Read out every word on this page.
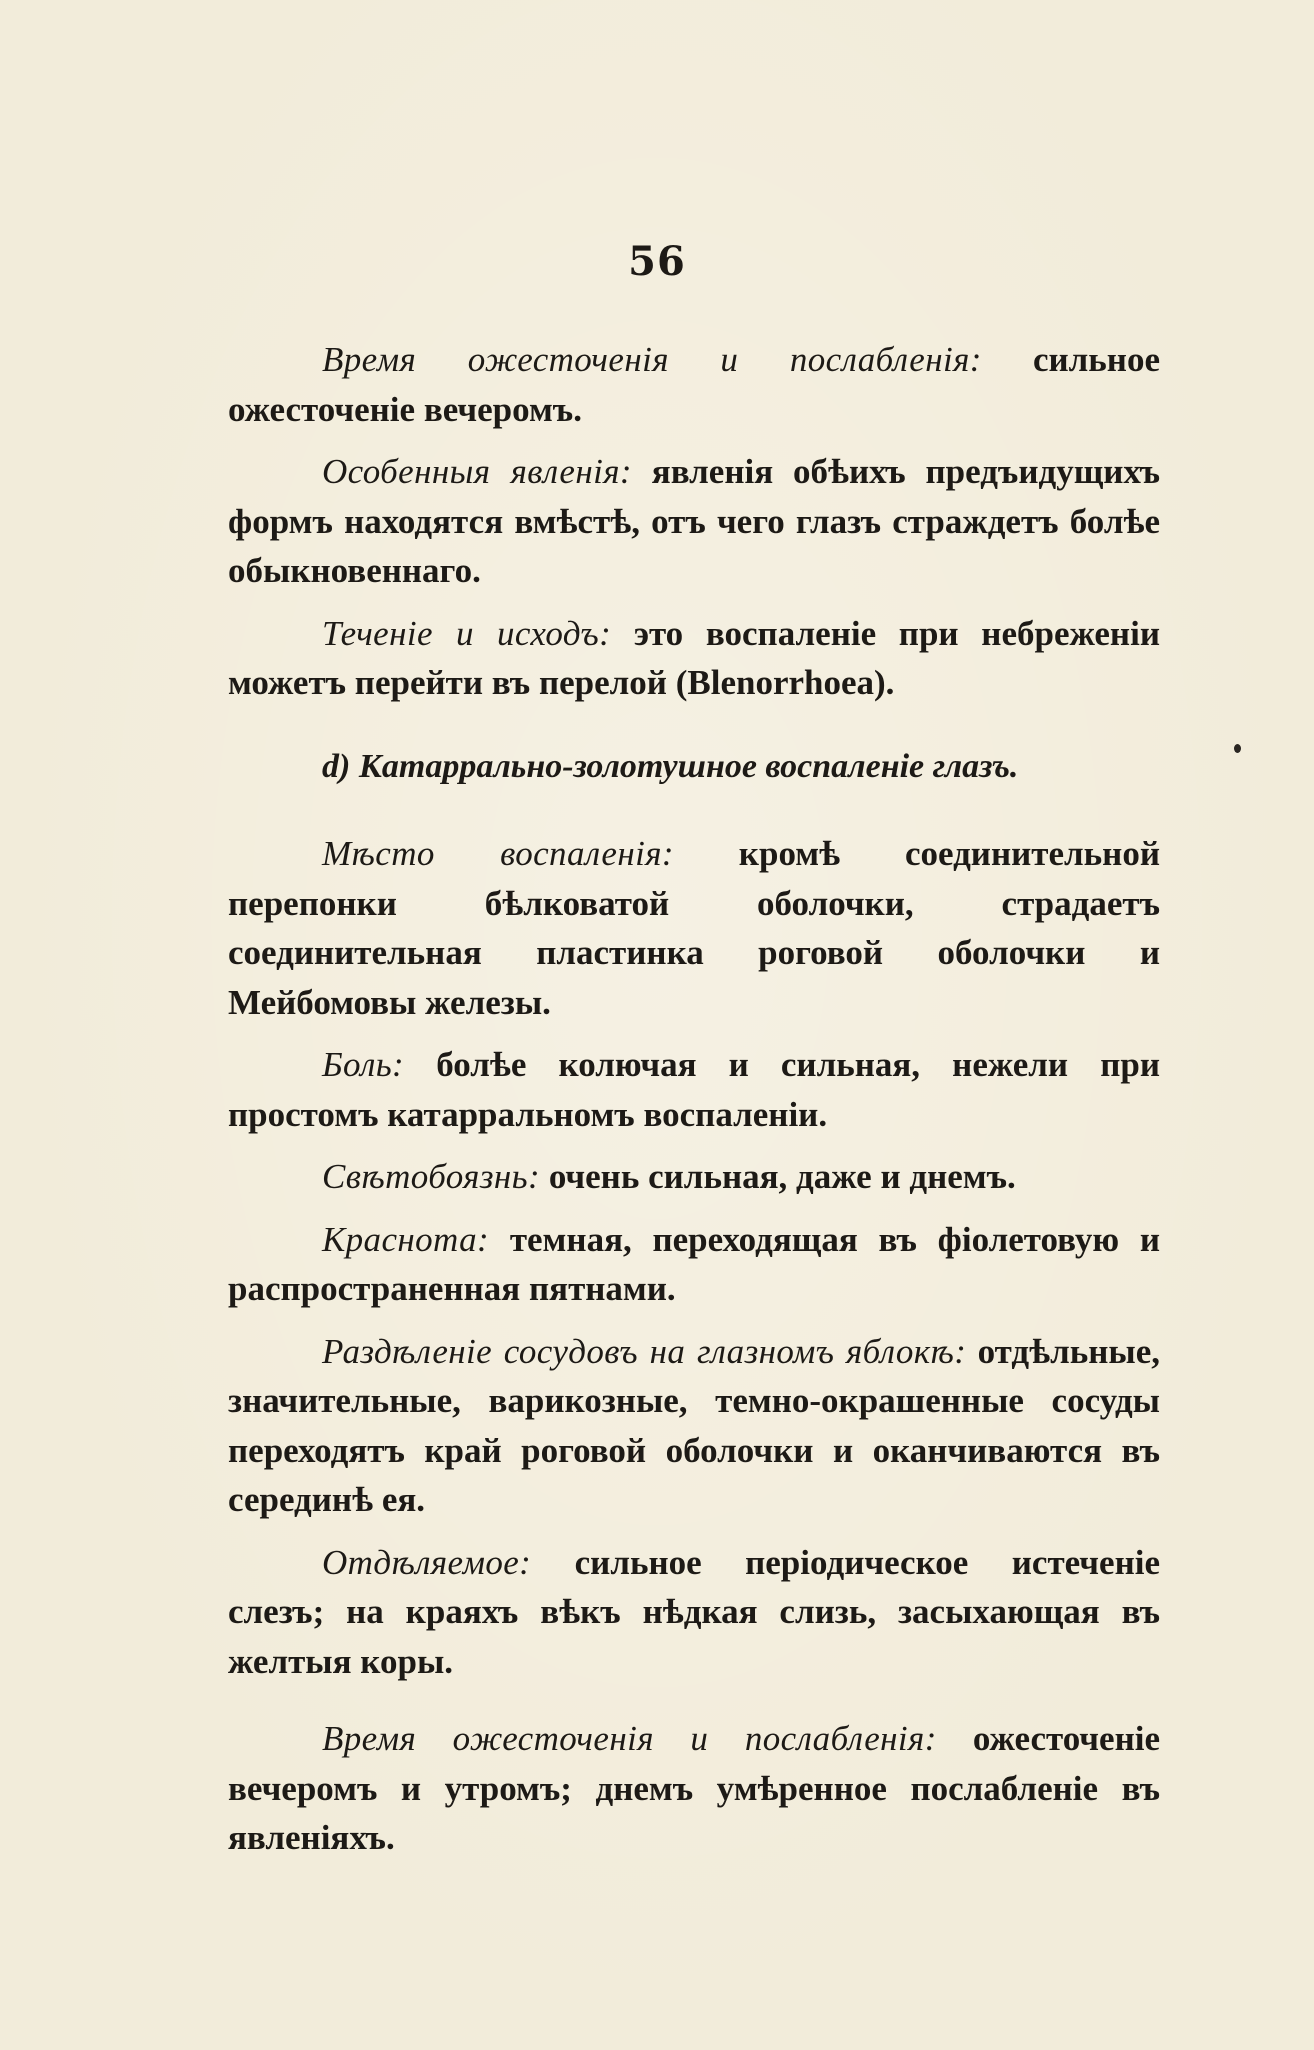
56

Время ожесточенія и послабленія: сильное ожесточеніе вечеромъ.

Особенныя явленія: явленія обѣихъ предъидущихъ формъ находятся вмѣстѣ, отъ чего глазъ страждетъ болѣе обыкновеннаго.

Теченіе и исходъ: это воспаленіе при небреженіи можетъ перейти въ перелой (Blenorrhoea).

d) Катаррально-золотушное воспаленіе глазъ.

Мѣсто воспаленія: кромѣ соединительной перепонки бѣлковатой оболочки, страдаетъ соединительная пластинка роговой оболочки и Мейбомовы железы.

Боль: болѣе колючая и сильная, нежели при простомъ катарральномъ воспаленіи.

Свѣтобоязнь: очень сильная, даже и днемъ.

Краснота: темная, переходящая въ фіолетовую и распространенная пятнами.

Раздѣленіе сосудовъ на глазномъ яблокѣ: отдѣльные, значительные, варикозные, темно-окрашенные сосуды переходятъ край роговой оболочки и оканчиваются въ серединѣ ея.

Отдѣляемое: сильное періодическое истеченіе слезъ; на краяхъ вѣкъ нѣдкая слизь, засыхающая въ желтыя коры.

Время ожесточенія и послабленія: ожесточеніе вечеромъ и утромъ; днемъ умѣренное послабленіе въ явленіяхъ.
